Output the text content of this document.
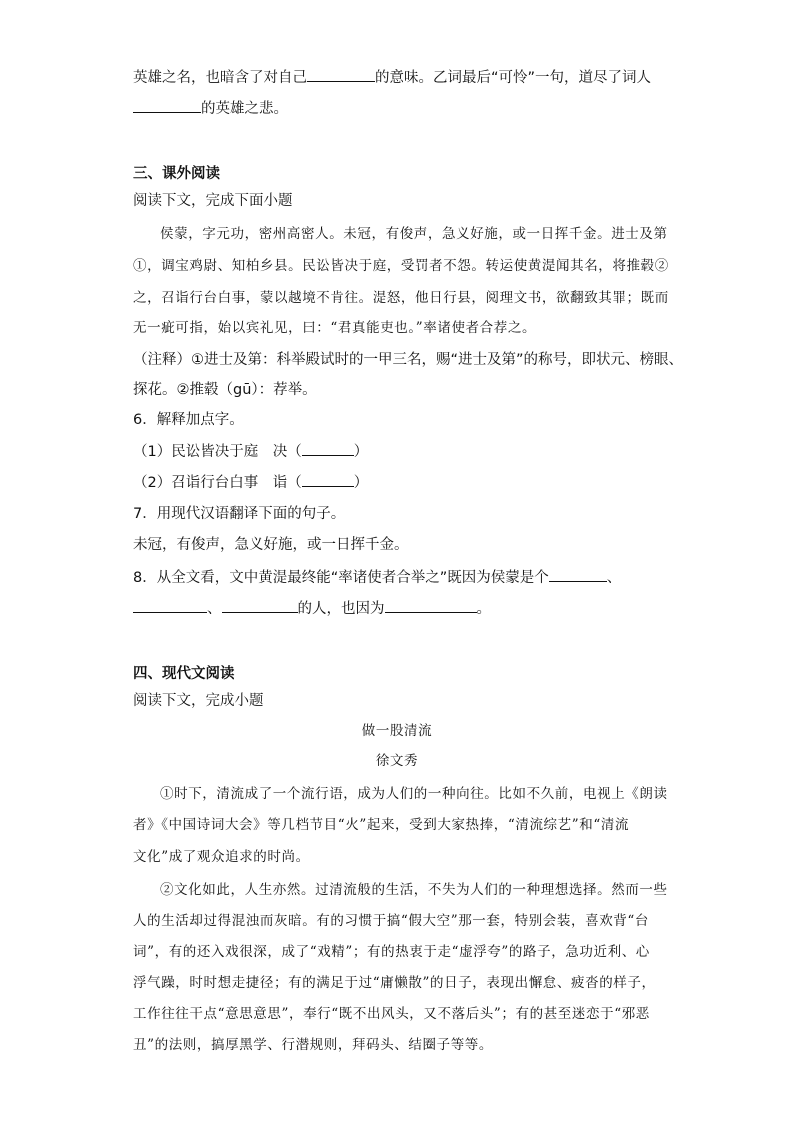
英雄之名，也暗含了对自己	的意味。乙词最后“可怜”一句，道尽了词人
的英雄之悲。
三、课外阅读
阅读下文，完成下面小题
侯蒙，字元功，密州高密人。未冠，有俊声，急义好施，或一日挥千金。进士及第
①，调宝鸡尉、知柏乡县。民讼皆决于庭，受罚者不怨。转运使黄湜闻其名，将推毂②
之，召诣行台白事，蒙以越境不肯往。湜怒，他日行县，阅理文书，欲翻致其罪；既而
无一疵可指，始以宾礼见，曰：“君真能吏也。”率诸使者合荐之。
（注释）①进士及第：科举殿试时的一甲三名，赐“进士及第”的称号，即状元、榜眼、
探花。②推毂（gū）：荐举。
6．解释加点字。
（1）民讼皆决于庭　决（	）
（2）召诣行台白事　诣（	）
7．用现代汉语翻译下面的句子。
未冠，有俊声，急义好施，或一日挥千金。
8．从全文看，文中黄湜最终能“率诸使者合举之”既因为侯蒙是个	、
、	的人，也因为	。
四、现代文阅读
阅读下文，完成小题
做一股清流
徐文秀
①时下，清流成了一个流行语，成为人们的一种向往。比如不久前，电视上《朗读
者》《中国诗词大会》等几档节目“火”起来，受到大家热捧，“清流综艺”和“清流
文化”成了观众追求的时尚。
②文化如此，人生亦然。过清流般的生活，不失为人们的一种理想选择。然而一些
人的生活却过得混浊而灰暗。有的习惯于搞“假大空”那一套，特别会装，喜欢背“台
词”，有的还入戏很深，成了“戏精”；有的热衷于走“虚浮夸”的路子，急功近利、心
浮气躁，时时想走捷径；有的满足于过“庸懒散”的日子，表现出懈怠、疲沓的样子，
工作往往干点“意思意思”，奉行“既不出风头，又不落后头”；有的甚至迷恋于“邪恶
丑”的法则，搞厚黑学、行潜规则，拜码头、结圈子等等。
